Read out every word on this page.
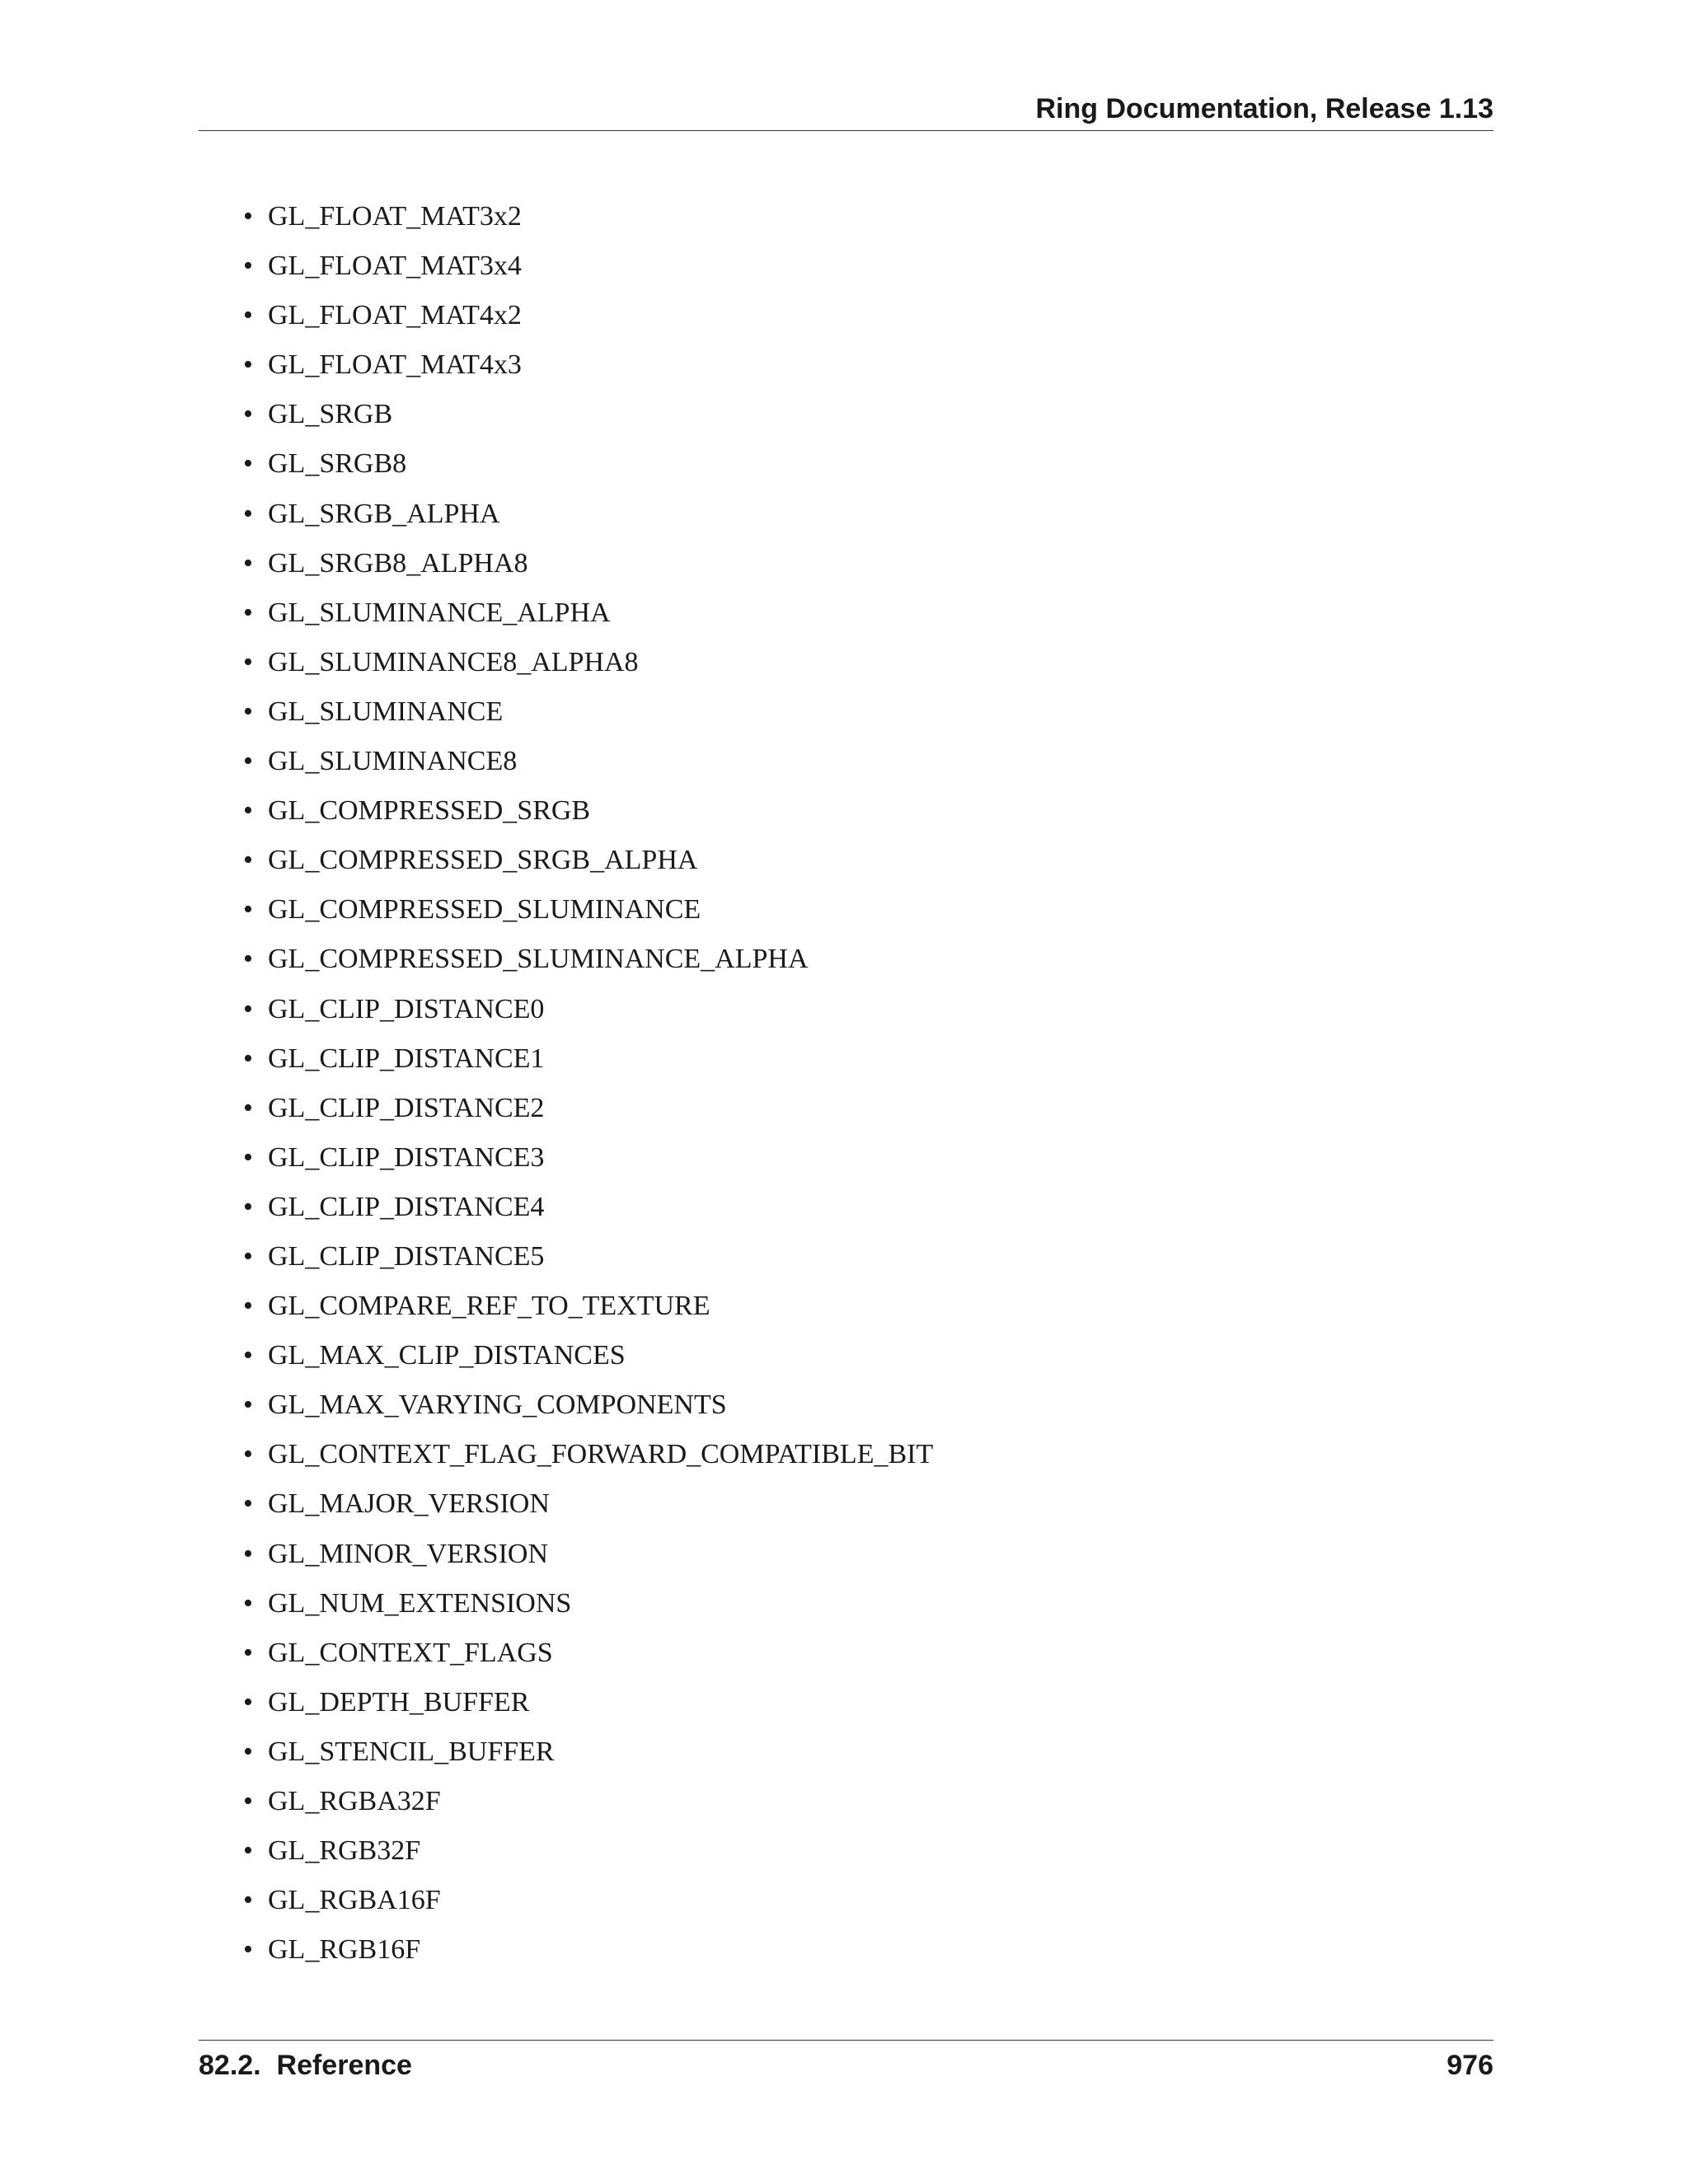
Ring Documentation, Release 1.13
• GL_FLOAT_MAT3x2
• GL_FLOAT_MAT3x4
• GL_FLOAT_MAT4x2
• GL_FLOAT_MAT4x3
• GL_SRGB
• GL_SRGB8
• GL_SRGB_ALPHA
• GL_SRGB8_ALPHA8
• GL_SLUMINANCE_ALPHA
• GL_SLUMINANCE8_ALPHA8
• GL_SLUMINANCE
• GL_SLUMINANCE8
• GL_COMPRESSED_SRGB
• GL_COMPRESSED_SRGB_ALPHA
• GL_COMPRESSED_SLUMINANCE
• GL_COMPRESSED_SLUMINANCE_ALPHA
• GL_CLIP_DISTANCE0
• GL_CLIP_DISTANCE1
• GL_CLIP_DISTANCE2
• GL_CLIP_DISTANCE3
• GL_CLIP_DISTANCE4
• GL_CLIP_DISTANCE5
• GL_COMPARE_REF_TO_TEXTURE
• GL_MAX_CLIP_DISTANCES
• GL_MAX_VARYING_COMPONENTS
• GL_CONTEXT_FLAG_FORWARD_COMPATIBLE_BIT
• GL_MAJOR_VERSION
• GL_MINOR_VERSION
• GL_NUM_EXTENSIONS
• GL_CONTEXT_FLAGS
• GL_DEPTH_BUFFER
• GL_STENCIL_BUFFER
• GL_RGBA32F
• GL_RGB32F
• GL_RGBA16F
• GL_RGB16F
82.2.  Reference	976
